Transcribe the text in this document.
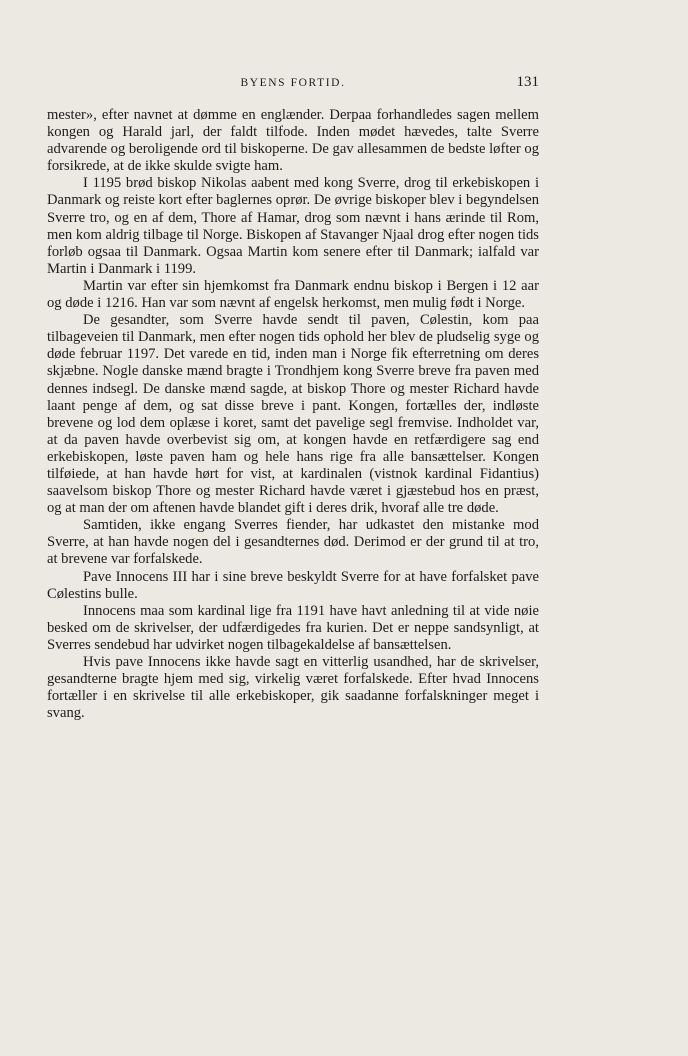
BYENS FORTID.	131

mester», efter navnet at dømme en englænder. Derpaa forhandledes sagen mellem kongen og Harald jarl, der faldt tilfode. Inden mødet hævedes, talte Sverre advarende og beroligende ord til biskoperne. De gav allesammen de bedste løfter og forsikrede, at de ikke skulde svigte ham.

I 1195 brød biskop Nikolas aabent med kong Sverre, drog til erkebiskopen i Danmark og reiste kort efter baglernes oprør. De øvrige biskoper blev i begyndelsen Sverre tro, og en af dem, Thore af Hamar, drog som nævnt i hans ærinde til Rom, men kom aldrig tilbage til Norge. Biskopen af Stavanger Njaal drog efter nogen tids forløb ogsaa til Danmark. Ogsaa Martin kom senere efter til Danmark; ialfald var Martin i Danmark i 1199.

Martin var efter sin hjemkomst fra Danmark endnu biskop i Bergen i 12 aar og døde i 1216. Han var som nævnt af engelsk herkomst, men mulig født i Norge.

De gesandter, som Sverre havde sendt til paven, Cølestin, kom paa tilbageveien til Danmark, men efter nogen tids ophold her blev de pludselig syge og døde februar 1197. Det varede en tid, inden man i Norge fik efterretning om deres skjæbne. Nogle danske mænd bragte i Trondhjem kong Sverre breve fra paven med dennes indsegl. De danske mænd sagde, at biskop Thore og mester Richard havde laant penge af dem, og sat disse breve i pant. Kongen, fortælles der, indløste brevene og lod dem oplæse i koret, samt det pavelige segl fremvise. Indholdet var, at da paven havde overbevist sig om, at kongen havde en retfærdigere sag end erkebiskopen, løste paven ham og hele hans rige fra alle bansættelser. Kongen tilføiede, at han havde hørt for vist, at kardinalen (vistnok kardinal Fidantius) saavelsom biskop Thore og mester Richard havde været i gjæstebud hos en præst, og at man der om aftenen havde blandet gift i deres drik, hvoraf alle tre døde.

Samtiden, ikke engang Sverres fiender, har udkastet den mistanke mod Sverre, at han havde nogen del i gesandternes død. Derimod er der grund til at tro, at brevene var forfalskede.

Pave Innocens III har i sine breve beskyldt Sverre for at have forfalsket pave Cølestins bulle.

Innocens maa som kardinal lige fra 1191 have havt anledning til at vide nøie besked om de skrivelser, der udfærdigedes fra kurien. Det er neppe sandsynligt, at Sverres sendebud har udvirket nogen tilbagekaldelse af bansættelsen.

Hvis pave Innocens ikke havde sagt en vitterlig usandhed, har de skrivelser, gesandterne bragte hjem med sig, virkelig været forfalskede. Efter hvad Innocens fortæller i en skrivelse til alle erkebiskoper, gik saadanne forfalskninger meget i svang.
